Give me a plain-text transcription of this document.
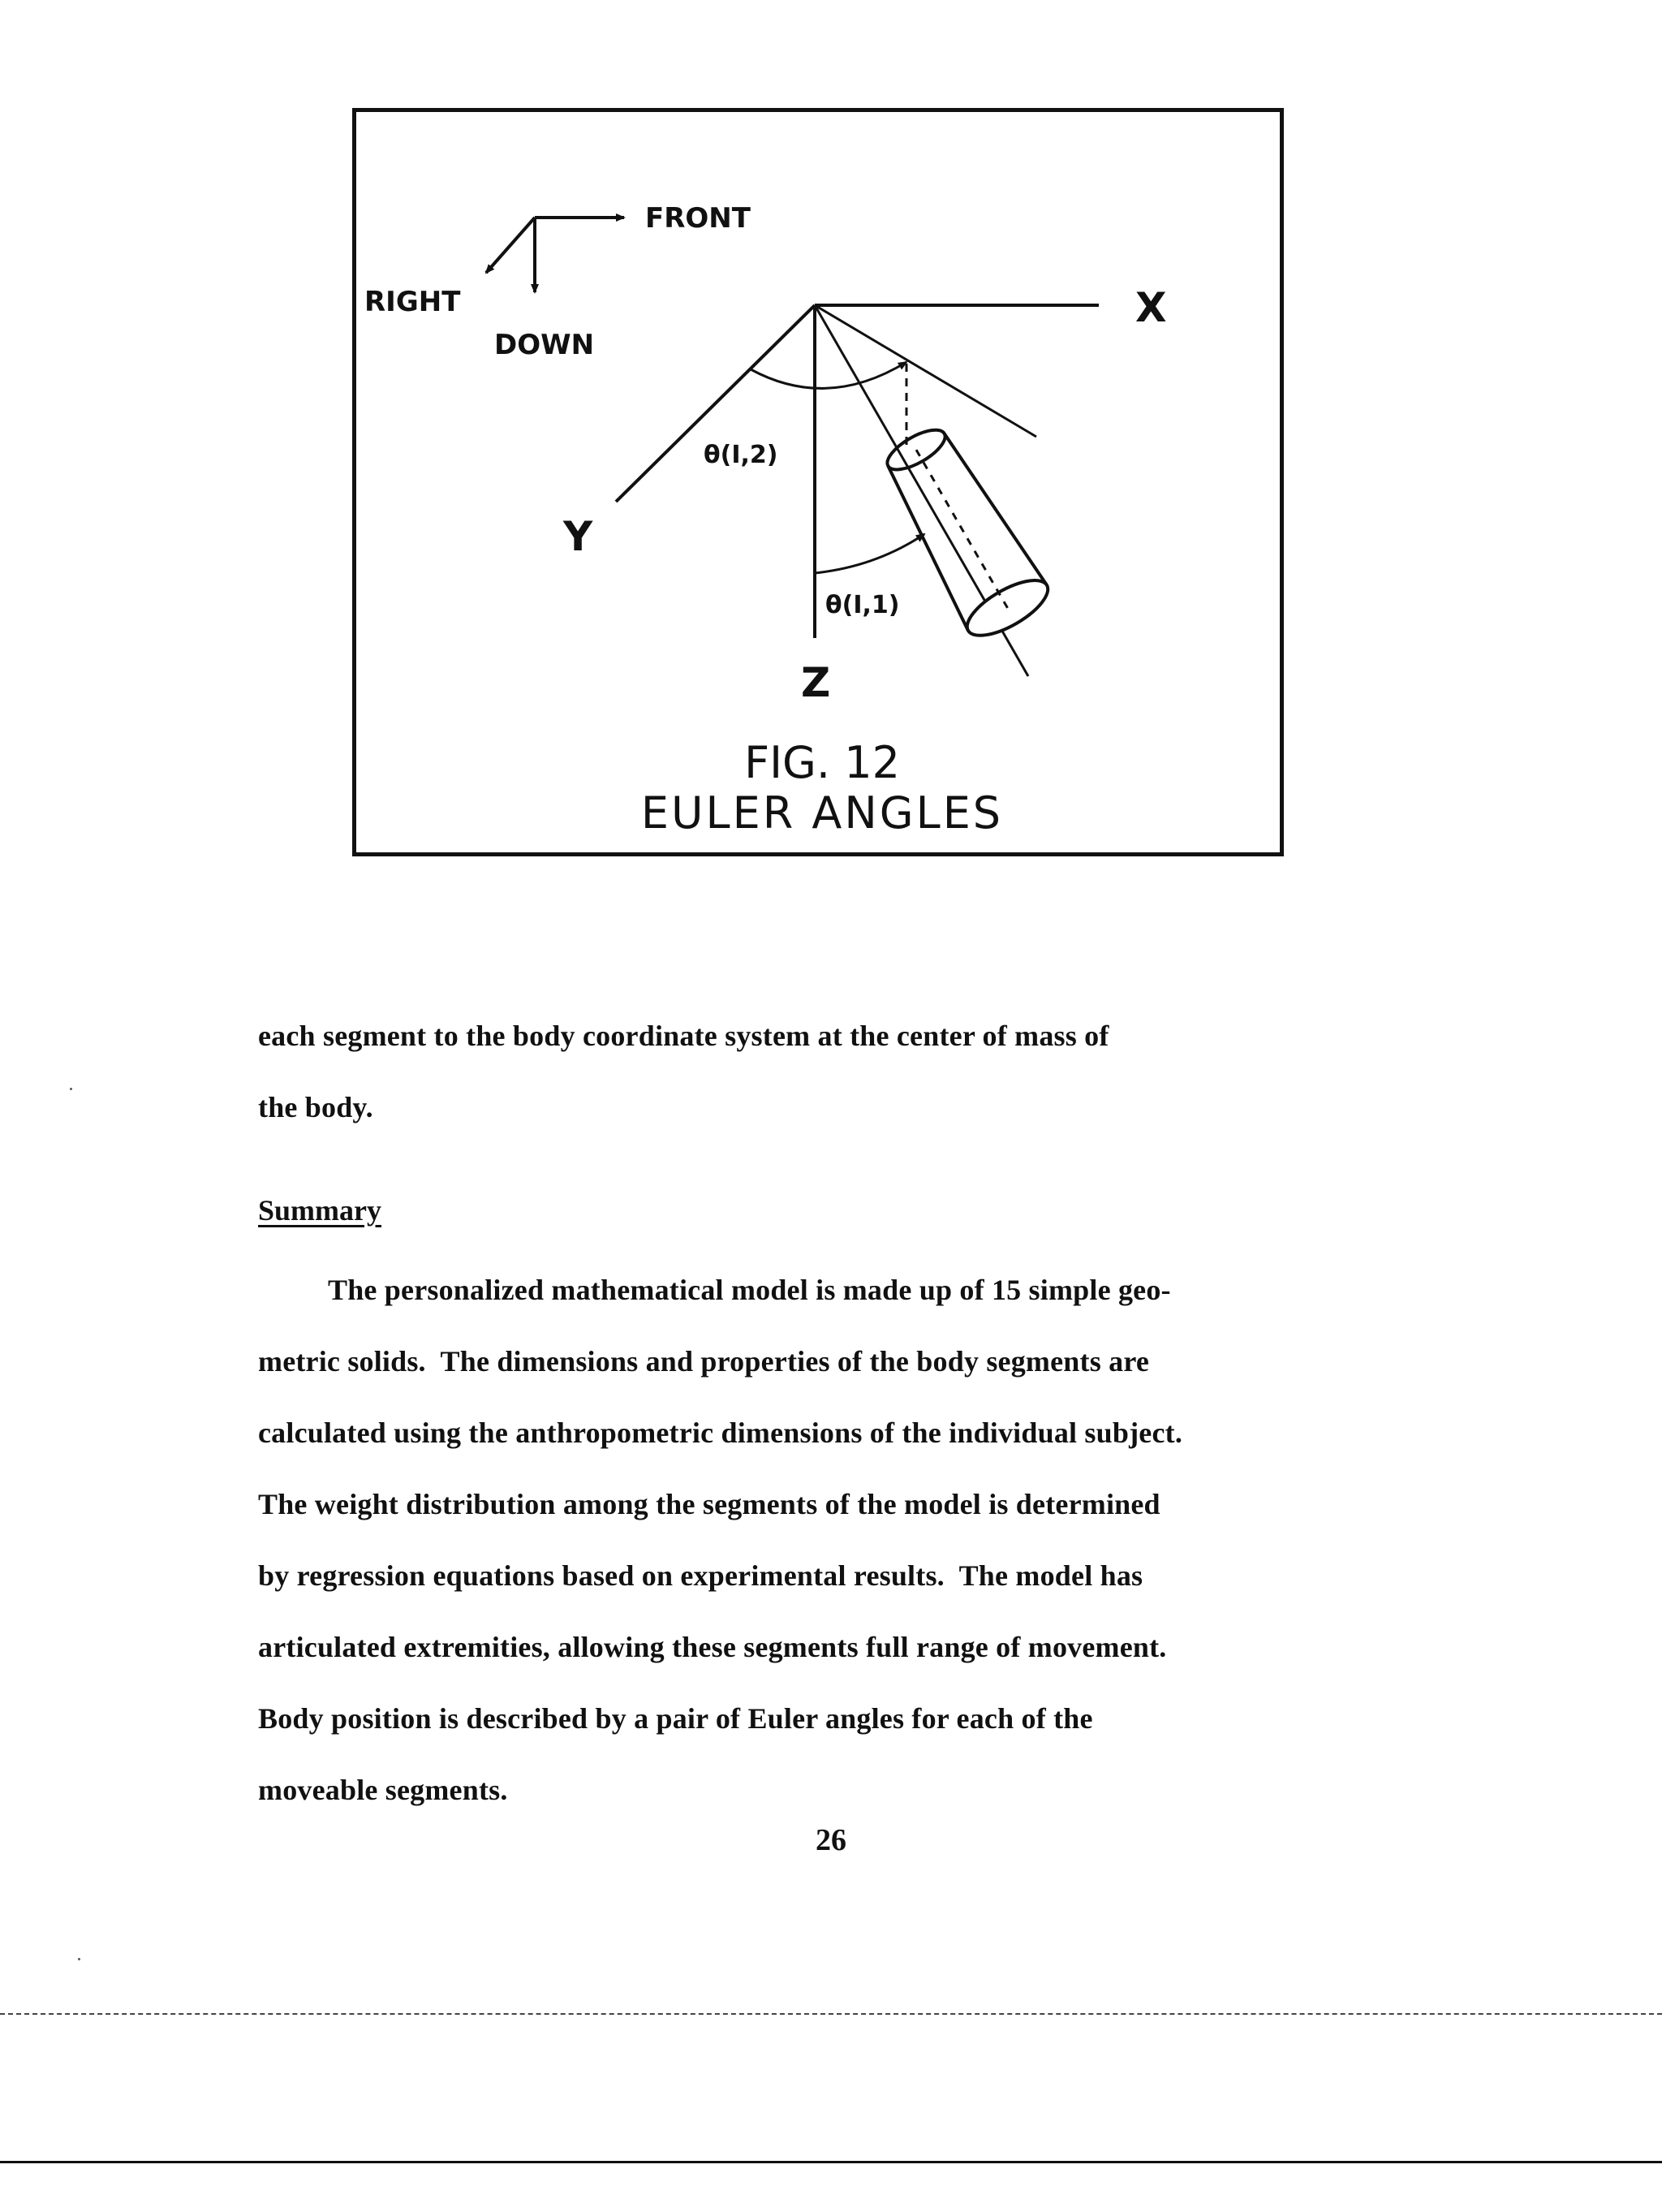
FRONT
RIGHT
DOWN
X
Y
Z
θ(I,2)
θ(I,1)
FIG. 12
EULER ANGLES

each segment to the body coordinate system at the center of mass of

the body.

Summary

The personalized mathematical model is made up of 15 simple geo-

metric solids.  The dimensions and properties of the body segments are

calculated using the anthropometric dimensions of the individual subject.

The weight distribution among the segments of the model is determined

by regression equations based on experimental results.  The model has

articulated extremities, allowing these segments full range of movement.

Body position is described by a pair of Euler angles for each of the

moveable segments.

26
